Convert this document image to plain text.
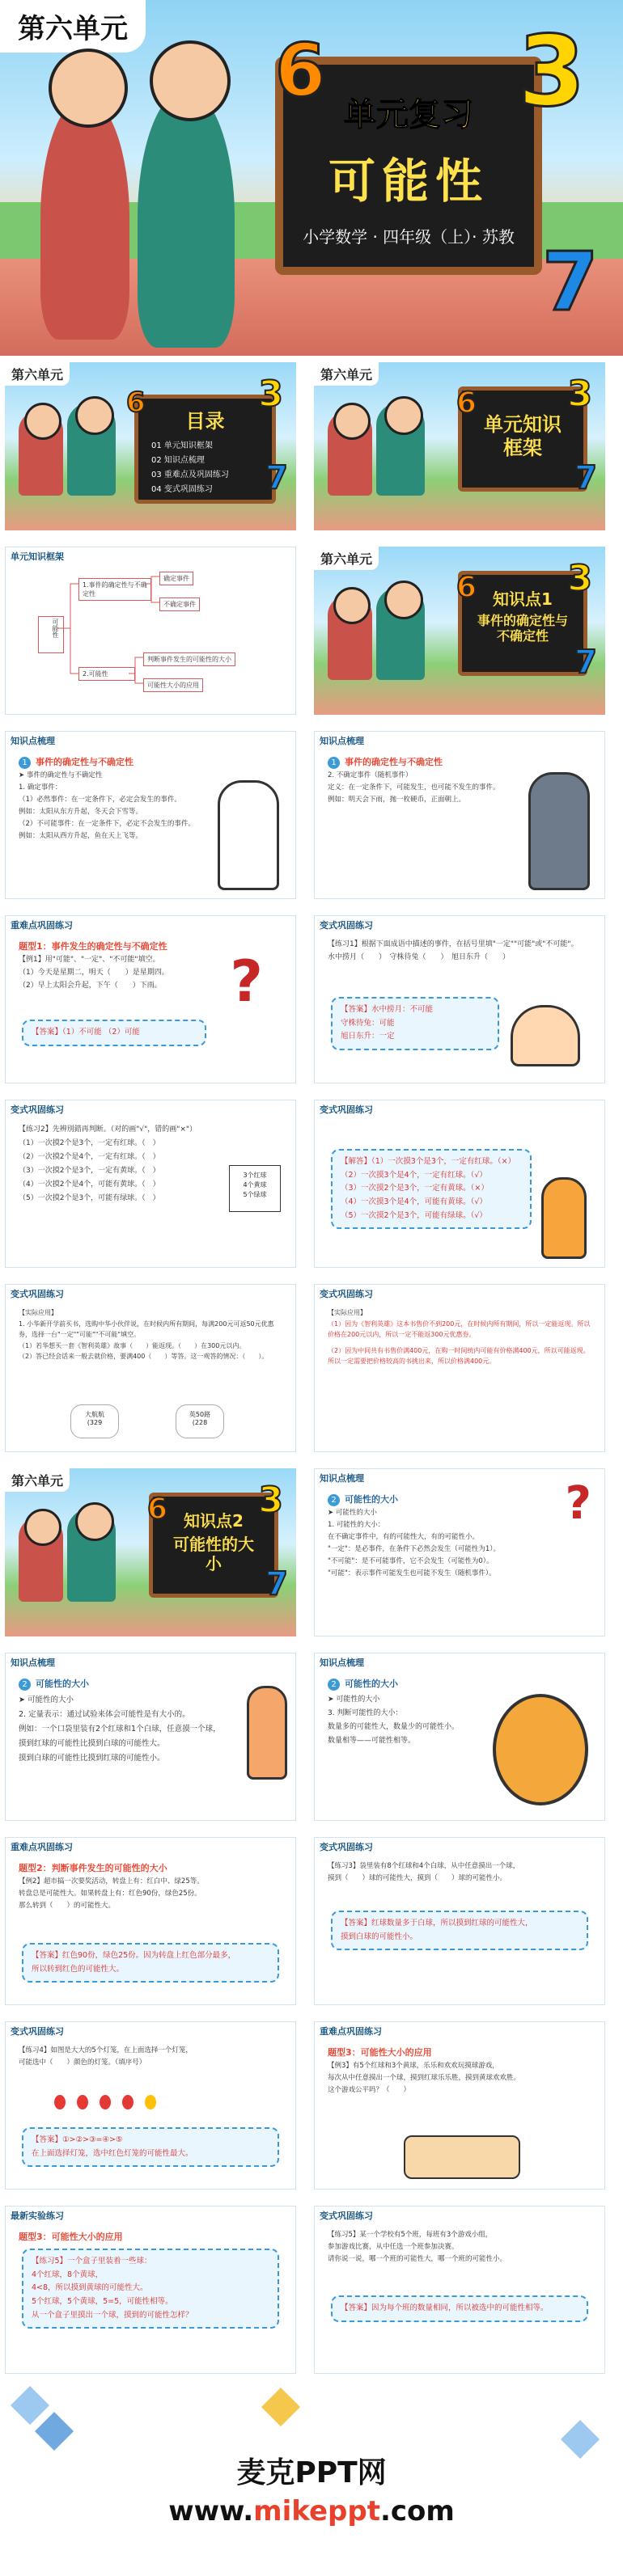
第六单元
单元复习
可能性
小学数学 · 四年级（上）· 苏教
6 3
7
第六单元
目录
01 单元知识框架
02 知识点梳理
03 重难点及巩固练习
04 变式巩固练习
6	3
7
第六单元
单元知识框架
6	3
7
单元知识框架
可能性
1.事件的确定性与不确定性
2.可能性
确定事件
不确定事件
判断事件发生的可能性的大小
可能性大小的应用
第六单元
知识点1
事件的确定性与不确定性
6	3
7
知识点梳理
1 事件的确定性与不确定性
➤ 事件的确定性与不确定性
1. 确定事件：
（1）必然事件：在一定条件下，必定会发生的事件。
例如：太阳从东方升起，冬天会下雪等。
（2）不可能事件：在一定条件下，必定不会发生的事件。
例如：太阳从西方升起，鱼在天上飞等。
知识点梳理
1 事件的确定性与不确定性
2. 不确定事件（随机事件）
定义：在一定条件下，可能发生，也可能不发生的事件。
例如：明天会下雨，抛一枚硬币，正面朝上。
重难点巩固练习
题型1：事件发生的确定性与不确定性
【例1】用"可能"、"一定"、"不可能"填空。
（1）今天是星期二，明天（　　）是星期四。
（2）早上太阳会升起，下午（　　）下雨。
【答案】（1）不可能 （2）可能
?
变式巩固练习
【练习1】根据下面成语中描述的事件，在括号里填"一定""可能"或"不可能"。
水中捞月（　　）　守株待兔（　　）　旭日东升（　　）
【答案】水中捞月：不可能
守株待兔：可能
旭日东升：一定
变式巩固练习
【练习2】先辨別錯再判断。（对的画"√"，错的画"×"）
（1）一次摸2个是3个，一定有红球。（　）
（2）一次摸2个是4个，一定有红球。（　）
（3）一次摸2个是3个，一定有黄球。（　）
（4）一次摸2个是4个，可能有黄球。（　）
（5）一次摸2个是3个，可能有绿球。（　）
3个红球
4个黄球
5个绿球
变式巩固练习
【解答】（1）一次摸3个是3个，一定有红球。（×）
（2）一次摸3个是4个，一定有红球。（√）
（3）一次摸2个是3个，一定有黄球。（×）
（4）一次摸3个是4个，可能有黄球。（√）
（5）一次摸2个是3个，可能有绿球。（√）
变式巩固练习
【实际应用】
1. 小华新开学前买书，选购中华小伙伴说，在时候内所有期间，每满200元可返50元优惠券，选择一台"一定""可能""不可能"填空。
（1）若华想买一套《智利英雄》故事（　　）能返现。（　　）在300元以内。
（2）答已经会话来一般去就价格，要满400（　　）等答。这一观答的情况：（　　）。
大航航
(329
英50路
(228
变式巩固练习
【实际应用】
（1）因为《智利英雄》这本书售价不到200元，在时候内所有期间，所以一定能返现。所以价格在200元以内，所以一定不能返300元优惠券。
（2）因为中间共有书售价满400元，在购一时间统内可能有价格满400元，所以可能返现。所以一定需要把价格较高的书挑出来，所以价格满400元。
第六单元
知识点2
可能性的大小
6	3
7
知识点梳理
2 可能性的大小
➤ 可能性的大小
1. 可能性的大小：
在不确定事件中，有的可能性大，有的可能性小。
"一定"：是必事件，在条件下必然会发生（可能性为1）。
"不可能"：是不可能事件，它不会发生（可能性为0）。
"可能"：表示事件可能发生也可能不发生（随机事件）。
?
知识点梳理
2 可能性的大小
➤ 可能性的大小
2. 定量表示：通过试验来体会可能性是有大小的。
例如：一个口袋里装有2个红球和1个白球，任意摸一个球，
摸到红球的可能性比摸到白球的可能性大。
摸到白球的可能性比摸到红球的可能性小。
知识点梳理
2 可能性的大小
➤ 可能性的大小
3. 判断可能性的大小：
数量多的可能性大，数量少的可能性小。
数量相等——可能性相等。
重难点巩固练习
题型2：判断事件发生的可能性的大小
【例2】超市搞一次要奖活动，转盘上有：红白中、绿25等。
转盘总是可能性大。如果转盘上有：红色90份，绿色25份。
那么转到（　　）的可能性大。
【答案】红色90份，绿色25份。因为转盘上红色部分最多，
所以转到红色的可能性大。
变式巩固练习
【练习3】袋里装有8个红球和4个白球，从中任意摸出一个球，
摸到（　　）球的可能性大，摸到（　　）球的可能性小。
【答案】红球数量多于白球，所以摸到红球的可能性大，
摸到白球的可能性小。
变式巩固练习
【练习4】如图是大大的5个灯笼，在上面选择一个灯笼，
可能选中（　　）颜色的灯笼。（填序号）
【答案】①>②>③=④>⑤
在上面选择灯笼，选中红色灯笼的可能性最大。
重难点巩固练习
题型3：可能性大小的应用
【例3】有5个红球和3个黄球，乐乐和欢欢玩摸球游戏，
每次从中任意摸出一个球，摸到红球乐乐胜，摸到黄球欢欢胜。
这个游戏公平吗？（　　）
最新实验练习
题型3：可能性大小的应用
【练习5】一个盒子里装着一些球：
4个红球，8个黄球，
4<8，所以摸到黄球的可能性大。
5个红球，5个黄球，5=5，可能性相等。
从一个盒子里摸出一个球，摸到的可能性怎样？
变式巩固练习
【练习5】某一个学校有5个班，每班有3个游戏小组，
参加游戏比赛，从中任选一个班参加决赛。
请你说一说，哪一个班的可能性大，哪一个班的可能性小。
【答案】因为每个班的数量相同，所以被选中的可能性相等。
麦克PPT网
www.mikeppt.com
